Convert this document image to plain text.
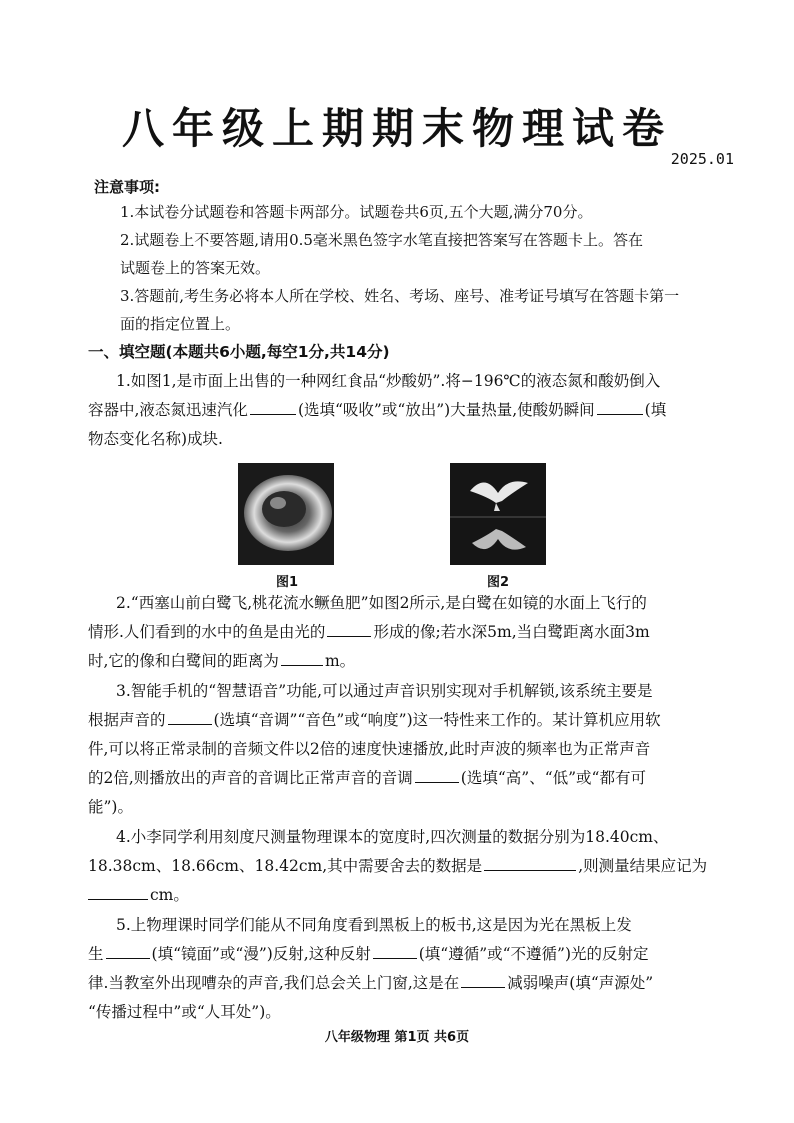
八年级上期期末物理试卷
2025.01
注意事项:
1.本试卷分试题卷和答题卡两部分。试题卷共6页,五个大题,满分70分。
2.试题卷上不要答题,请用0.5毫米黑色签字水笔直接把答案写在答题卡上。答在
试题卷上的答案无效。
3.答题前,考生务必将本人所在学校、姓名、考场、座号、准考证号填写在答题卡第一
面的指定位置上。
一、填空题(本题共6小题,每空1分,共14分)
1.如图1,是市面上出售的一种网红食品“炒酸奶”.将−196℃的液态氮和酸奶倒入
容器中,液态氮迅速汽化	(选填“吸收”或“放出”)大量热量,使酸奶瞬间	(填
物态变化名称)成块.
图1	图2
2.“西塞山前白鹭飞,桃花流水鳜鱼肥”如图2所示,是白鹭在如镜的水面上飞行的
情形.人们看到的水中的鱼是由光的	形成的像;若水深5m,当白鹭距离水面3m
时,它的像和白鹭间的距离为	m。
3.智能手机的“智慧语音”功能,可以通过声音识别实现对手机解锁,该系统主要是
根据声音的	(选填“音调”“音色”或“响度”)这一特性来工作的。某计算机应用软
件,可以将正常录制的音频文件以2倍的速度快速播放,此时声波的频率也为正常声音
的2倍,则播放出的声音的音调比正常声音的音调	(选填“高”、“低”或“都有可
能”)。
4.小李同学利用刻度尺测量物理课本的宽度时,四次测量的数据分别为18.40cm、
18.38cm、18.66cm、18.42cm,其中需要舍去的数据是	,则测量结果应记为
cm。
5.上物理课时同学们能从不同角度看到黑板上的板书,这是因为光在黑板上发
生	(填“镜面”或“漫”)反射,这种反射	(填“遵循”或“不遵循”)光的反射定
律.当教室外出现嘈杂的声音,我们总会关上门窗,这是在	减弱噪声(填“声源处”
“传播过程中”或“人耳处”)。
八年级物理 第1页 共6页
